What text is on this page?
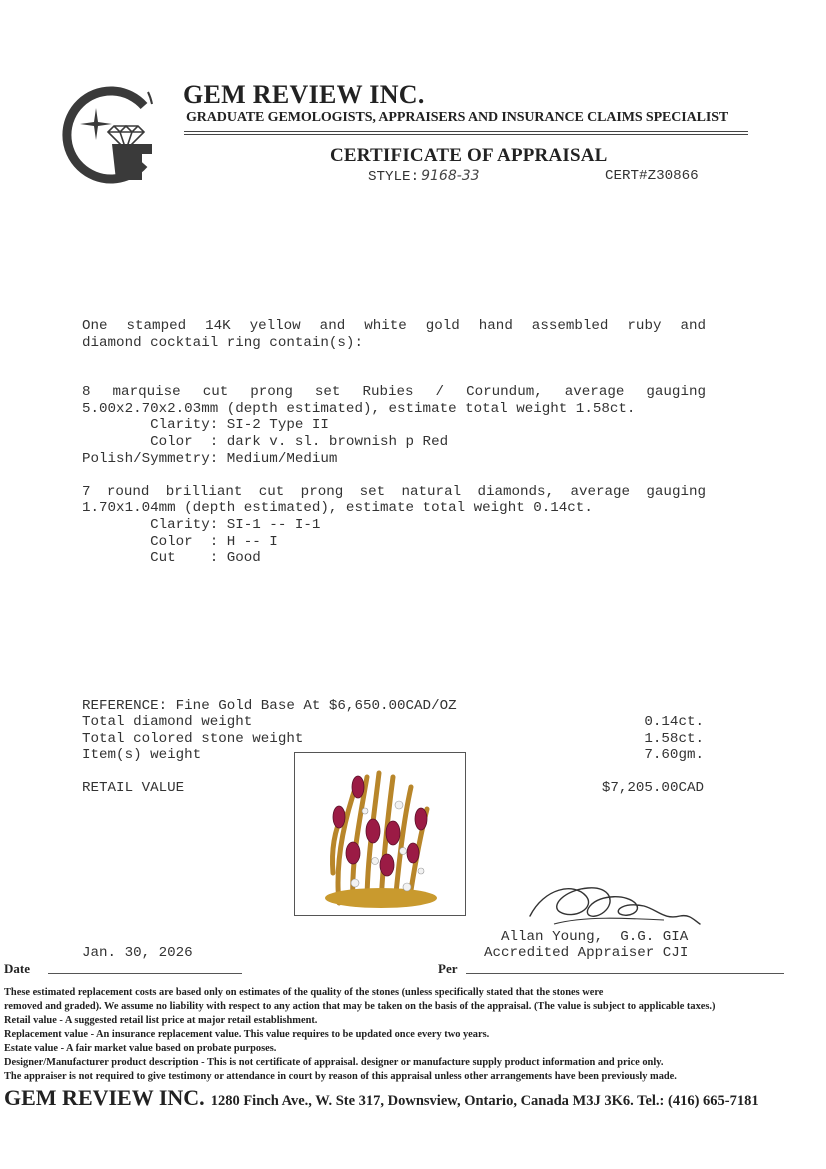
GEM REVIEW INC.
GRADUATE GEMOLOGISTS, APPRAISERS AND INSURANCE CLAIMS SPECIALIST
CERTIFICATE OF APPRAISAL
STYLE: 9168-33	CERT#Z30866
One stamped 14K yellow and white gold hand assembled ruby and
diamond cocktail ring contain(s):
8 marquise cut prong set Rubies / Corundum, average gauging
5.00x2.70x2.03mm (depth estimated), estimate total weight 1.58ct.
Clarity: SI-2 Type II
Color  : dark v. sl. brownish p Red
Polish/Symmetry: Medium/Medium
7 round brilliant cut prong set natural diamonds, average gauging
1.70x1.04mm (depth estimated), estimate total weight 0.14ct.
Clarity: SI-1 -- I-1
Color  : H -- I
Cut    : Good
REFERENCE: Fine Gold Base At $6,650.00CAD/OZ
Total diamond weight	0.14ct.
Total colored stone weight	1.58ct.
Item(s) weight	7.60gm.
RETAIL VALUE	$7,205.00CAD
Allan Young,  G.G. GIA
Accredited Appraiser CJI
Jan. 30, 2026
Date	Per
These estimated replacement costs are based only on estimates of the quality of the stones (unless specifically stated that the stones were
removed and graded). We assume no liability with respect to any action that may be taken on the basis of the appraisal. (The value is subject to applicable taxes.)
Retail value - A suggested retail list price at major retail establishment.
Replacement value - An insurance replacement value. This value requires to be updated once every two years.
Estate value - A fair market value based on probate purposes.
Designer/Manufacturer product description - This is not certificate of appraisal. designer or manufacture supply product information and price only.
The appraiser is not required to give testimony or attendance in court by reason of this appraisal unless other arrangements have been previously made.
GEM REVIEW INC. 1280 Finch Ave., W. Ste 317, Downsview, Ontario, Canada M3J 3K6. Tel.: (416) 665-7181
